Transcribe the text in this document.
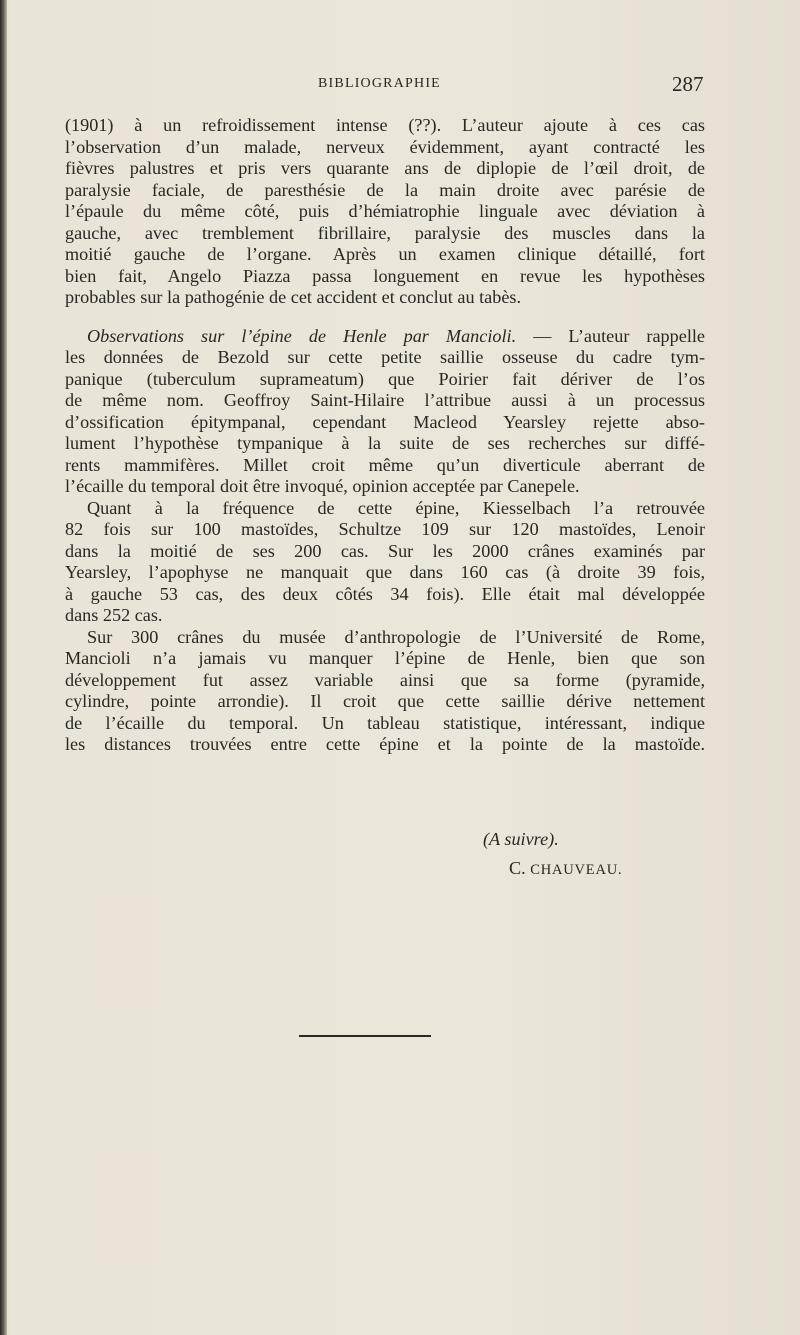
BIBLIOGRAPHIE	287
(1901) à un refroidissement intense (??). L’auteur ajoute à ces cas
l’observation d’un malade, nerveux évidemment, ayant contracté les
fièvres palustres et pris vers quarante ans de diplopie de l’œil droit, de
paralysie faciale, de paresthésie de la main droite avec parésie de
l’épaule du même côté, puis d’hémiatrophie linguale avec déviation à
gauche, avec tremblement fibrillaire, paralysie des muscles dans la
moitié gauche de l’organe. Après un examen clinique détaillé, fort
bien fait, Angelo Piazza passa longuement en revue les hypothèses
probables sur la pathogénie de cet accident et conclut au tabès.
Observations sur l’épine de Henle par Mancioli. — L’auteur rappelle
les données de Bezold sur cette petite saillie osseuse du cadre tym-
panique (tuberculum suprameatum) que Poirier fait dériver de l’os
de même nom. Geoffroy Saint-Hilaire l’attribue aussi à un processus
d’ossification épitympanal, cependant Macleod Yearsley rejette abso-
lument l’hypothèse tympanique à la suite de ses recherches sur diffé-
rents mammifères. Millet croit même qu’un diverticule aberrant de
l’écaille du temporal doit être invoqué, opinion acceptée par Canepele.
Quant à la fréquence de cette épine, Kiesselbach l’a retrouvée
82 fois sur 100 mastoïdes, Schultze 109 sur 120 mastoïdes, Lenoir
dans la moitié de ses 200 cas. Sur les 2000 crânes examinés par
Yearsley, l’apophyse ne manquait que dans 160 cas (à droite 39 fois,
à gauche 53 cas, des deux côtés 34 fois). Elle était mal développée
dans 252 cas.
Sur 300 crânes du musée d’anthropologie de l’Université de Rome,
Mancioli n’a jamais vu manquer l’épine de Henle, bien que son
développement fut assez variable ainsi que sa forme (pyramide,
cylindre, pointe arrondie). Il croit que cette saillie dérive nettement
de l’écaille du temporal. Un tableau statistique, intéressant, indique
les distances trouvées entre cette épine et la pointe de la mastoïde.
(A suivre).
C. CHAUVEAU.
